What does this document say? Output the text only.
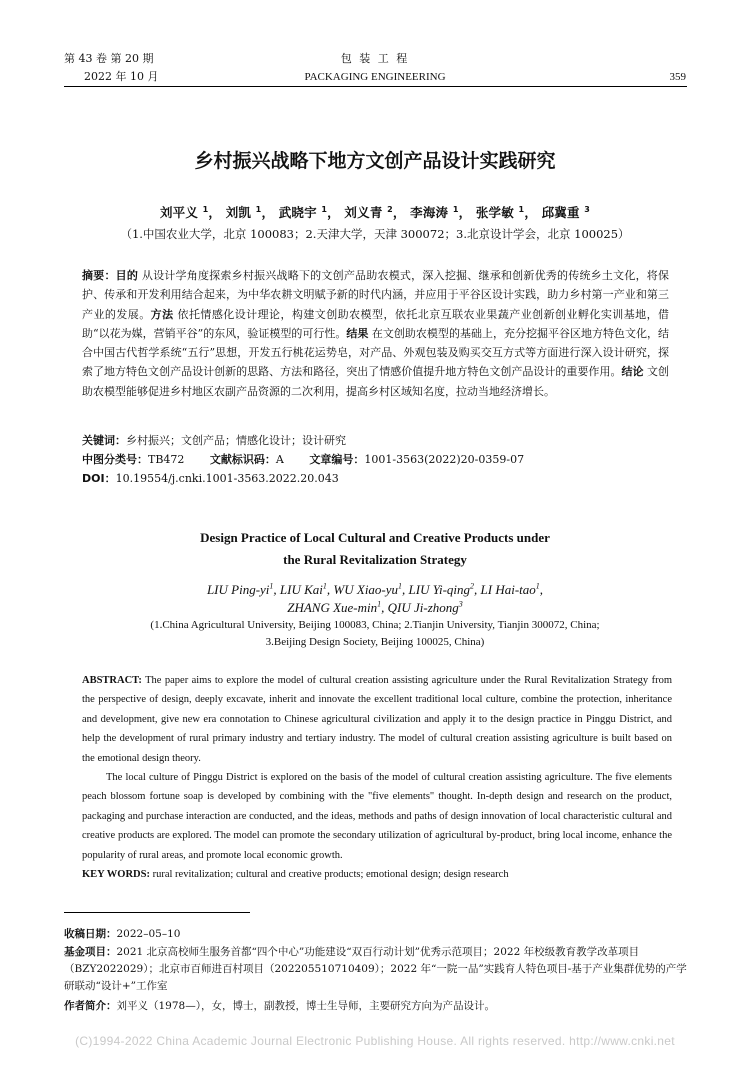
第 43 卷 第 20 期
2022 年 10 月
包 装 工 程
PACKAGING ENGINEERING	359
乡村振兴战略下地方文创产品设计实践研究
刘平义 $^1$， 刘凯 $^1$， 武晓宇 $^1$， 刘义青 $^2$， 李海涛 $^1$， 张学敏 $^1$， 邱冀重 $^3$
（1.中国农业大学，北京 100083；2.天津大学，天津 300072；3.北京设计学会，北京 100025）
摘要：目的 从设计学角度探索乡村振兴战略下的文创产品助农模式，深入挖掘、继承和创新优秀的传统乡土文化，将保护、传承和开发利用结合起来，为中华农耕文明赋予新的时代内涵，并应用于平谷区设计实践，助力乡村第一产业和第三产业的发展。方法 依托情感化设计理论，构建文创助农模型，依托北京互联农业果蔬产业创新创业孵化实训基地，借助“以花为媒，营销平谷”的东风，验证模型的可行性。结果 在文创助农模型的基础上，充分挖掘平谷区地方特色文化，结合中国古代哲学系统“五行”思想，开发五行桃花运势皂，对产品、外观包装及购买交互方式等方面进行深入设计研究，探索了地方特色文创产品设计创新的思路、方法和路径，突出了情感价值提升地方特色文创产品设计的重要作用。结论 文创助农模型能够促进乡村地区农副产品资源的二次利用，提高乡村区域知名度，拉动当地经济增长。
关键词：乡村振兴；文创产品；情感化设计；设计研究
中图分类号：TB472 文献标识码：A 文章编号：1001-3563(2022)20-0359-07
DOI：10.19554/j.cnki.1001-3563.2022.20.043
Design Practice of Local Cultural and Creative Products under
the Rural Revitalization Strategy
LIU Ping-$yi^1$, LIU Kai$^1$, WU Xiao-$yu^1$, LIU Yi-qing$^2$, LI Hai-tao$^1$,
ZHANG Xue-$\min^1$, QIU Ji-zhong$^3$
(1.China Agricultural University, Beijing 100083, China; 2.Tianjin University, Tianjin 300072, China;
3.Beijing Design Society, Beijing 100025, China)

ABSTRACT: The paper aims to explore the model of cultural creation assisting agriculture under the Rural Revitalization Strategy from the perspective of design, deeply excavate, inherit and innovate the excellent traditional local culture, combine the protection, inheritance and development, give new era connotation to Chinese agricultural civilization and apply it to the design practice in Pinggu District, and help the development of rural primary industry and tertiary industry. The model of cultural creation assisting agriculture is built based on the emotional design theory.

The local culture of Pinggu District is explored on the basis of the model of cultural creation assisting agriculture. The five elements peach blossom fortune soap is developed by combining with the "five elements" thought. In-depth design and research on the product, packaging and purchase interaction are conducted, and the ideas, methods and paths of design innovation of local characteristic cultural and creative products are explored. The model can promote the secondary utilization of agricultural by-product, bring local income, enhance the popularity of rural areas, and promote local economic growth.

KEY WORDS: rural revitalization; cultural and creative products; emotional design; design research

收稿日期：2022–05–10
基金项目：2021 北京高校师生服务首都“四个中心”功能建设“双百行动计划”优秀示范项目；2022 年校级教育教学改革项目（BZY2022029）；北京市百师进百村项目（202205510710409）；2022 年“一院一品”实践育人特色项目-基于产业集群优势的产学研联动“设计+”工作室
作者简介：刘平义（1978—），女，博士，副教授，博士生导师，主要研究方向为产品设计。
(C)1994-2022 China Academic Journal Electronic Publishing House. All rights reserved. http://www.cnki.net
